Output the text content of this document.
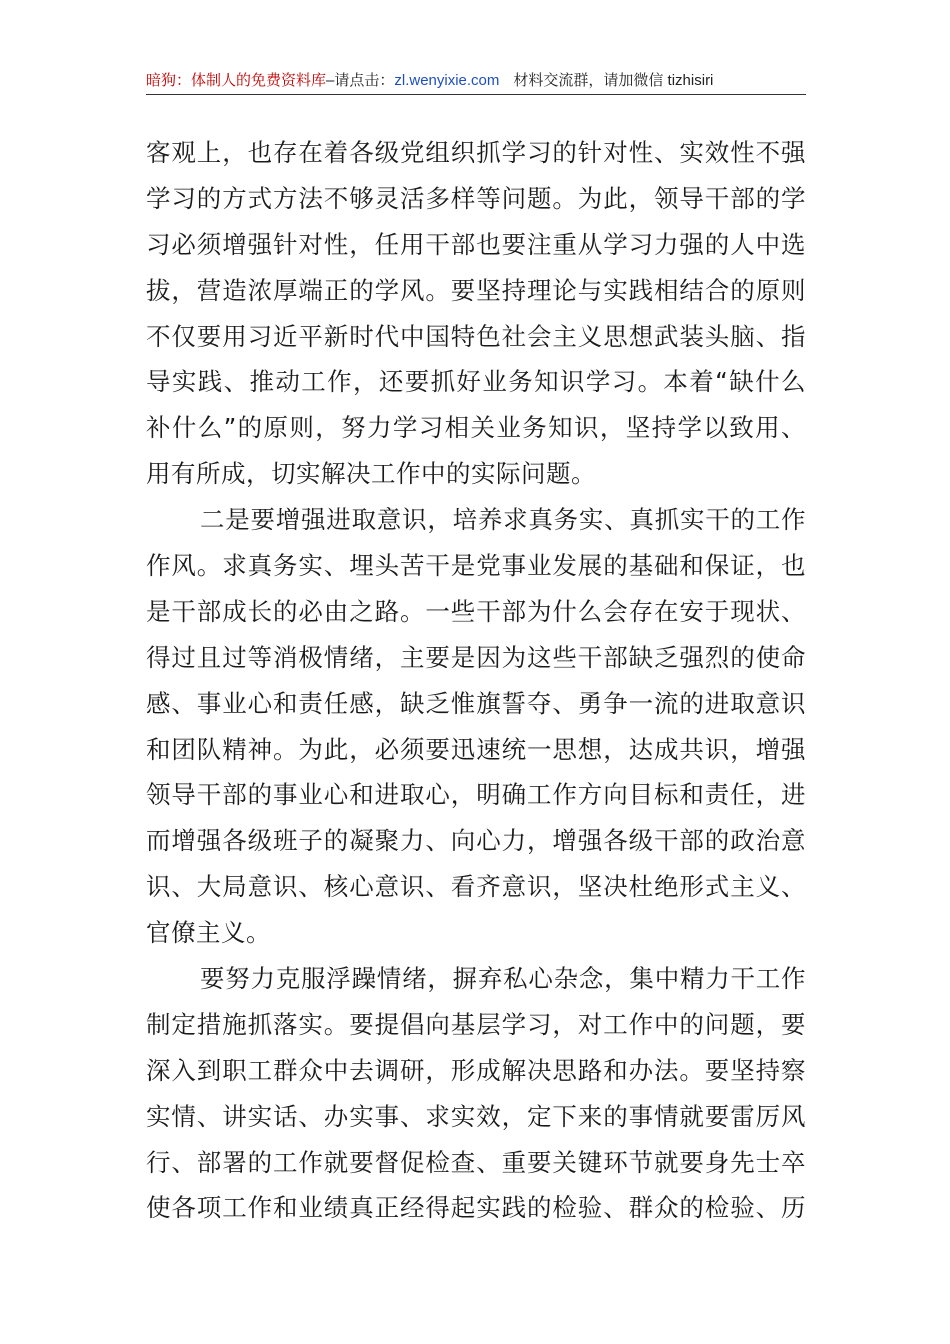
暗狗：体制人的免费资料库–请点击：zl.wenyixie.com 材料交流群，请加微信 tizhisiri
客观上，也存在着各级党组织抓学习的针对性、实效性不强
学习的方式方法不够灵活多样等问题。为此，领导干部的学
习必须增强针对性，任用干部也要注重从学习力强的人中选
拔，营造浓厚端正的学风。要坚持理论与实践相结合的原则
不仅要用习近平新时代中国特色社会主义思想武装头脑、指
导实践、推动工作，还要抓好业务知识学习。本着“缺什么
补什么”的原则，努力学习相关业务知识，坚持学以致用、
用有所成，切实解决工作中的实际问题。
二是要增强进取意识，培养求真务实、真抓实干的工作
作风。求真务实、埋头苦干是党事业发展的基础和保证，也
是干部成长的必由之路。一些干部为什么会存在安于现状、
得过且过等消极情绪，主要是因为这些干部缺乏强烈的使命
感、事业心和责任感，缺乏惟旗誓夺、勇争一流的进取意识
和团队精神。为此，必须要迅速统一思想，达成共识，增强
领导干部的事业心和进取心，明确工作方向目标和责任，进
而增强各级班子的凝聚力、向心力，增强各级干部的政治意
识、大局意识、核心意识、看齐意识，坚决杜绝形式主义、
官僚主义。
要努力克服浮躁情绪，摒弃私心杂念，集中精力干工作
制定措施抓落实。要提倡向基层学习，对工作中的问题，要
深入到职工群众中去调研，形成解决思路和办法。要坚持察
实情、讲实话、办实事、求实效，定下来的事情就要雷厉风
行、部署的工作就要督促检查、重要关键环节就要身先士卒
使各项工作和业绩真正经得起实践的检验、群众的检验、历
